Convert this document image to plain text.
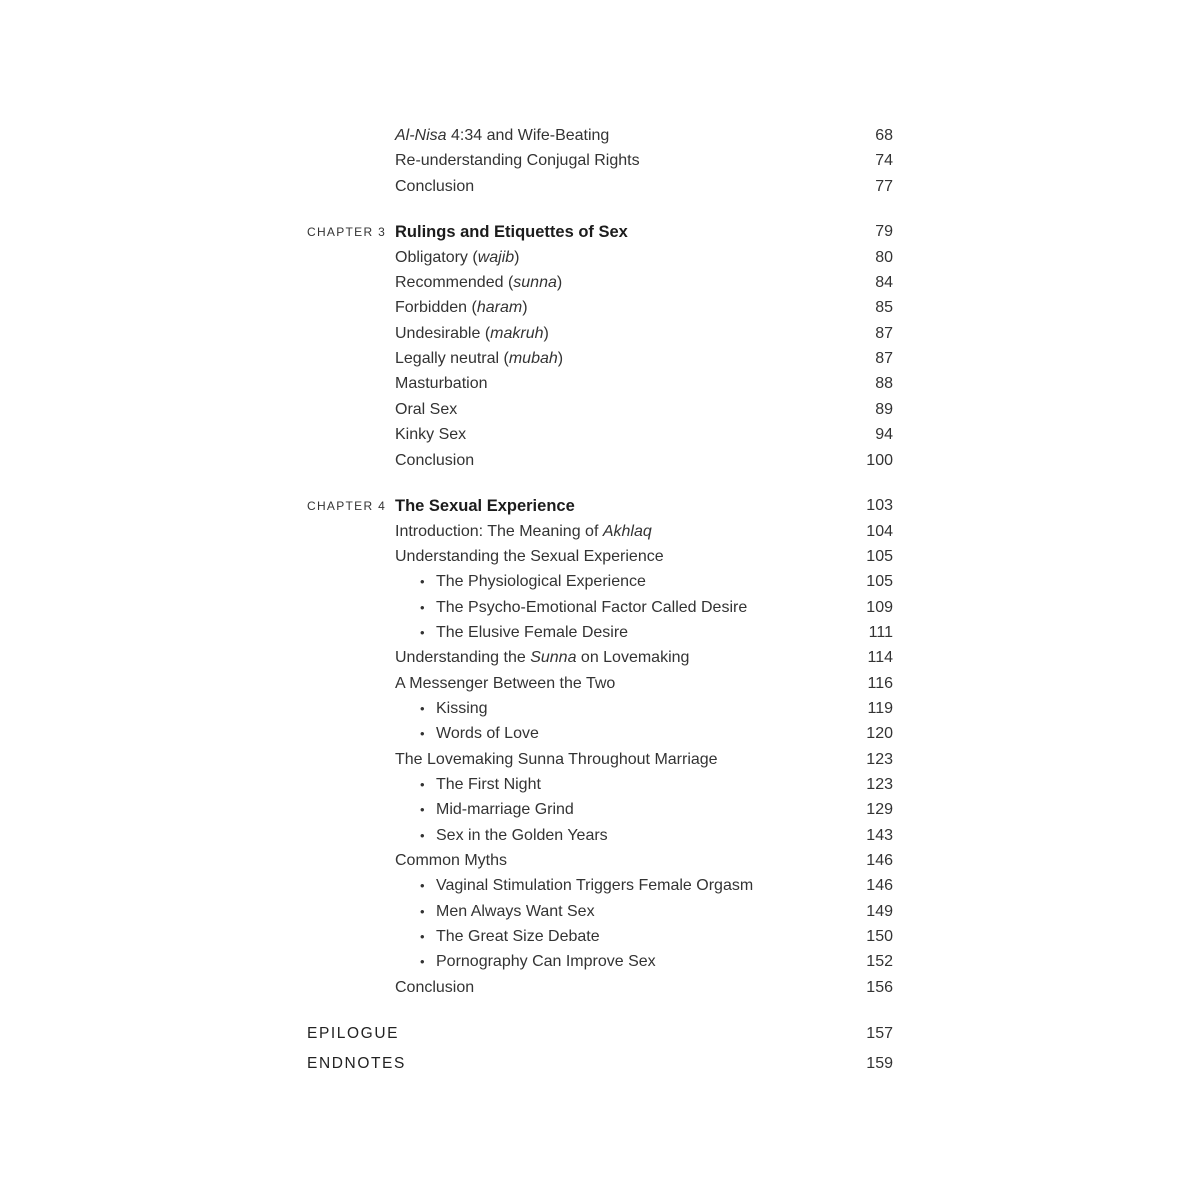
Al-Nisa 4:34 and Wife-Beating	68
Re-understanding Conjugal Rights	74
Conclusion	77
CHAPTER 3 Rulings and Etiquettes of Sex	79
Obligatory (wajib)	80
Recommended (sunna)	84
Forbidden (haram)	85
Undesirable (makruh)	87
Legally neutral (mubah)	87
Masturbation	88
Oral Sex	89
Kinky Sex	94
Conclusion	100
CHAPTER 4 The Sexual Experience	103
Introduction: The Meaning of Akhlaq	104
Understanding the Sexual Experience	105
• The Physiological Experience	105
• The Psycho-Emotional Factor Called Desire	109
• The Elusive Female Desire	111
Understanding the Sunna on Lovemaking	114
A Messenger Between the Two	116
• Kissing	119
• Words of Love	120
The Lovemaking Sunna Throughout Marriage	123
• The First Night	123
• Mid-marriage Grind	129
• Sex in the Golden Years	143
Common Myths	146
• Vaginal Stimulation Triggers Female Orgasm	146
• Men Always Want Sex	149
• The Great Size Debate	150
• Pornography Can Improve Sex	152
Conclusion	156
EPILOGUE	157
ENDNOTES	159
